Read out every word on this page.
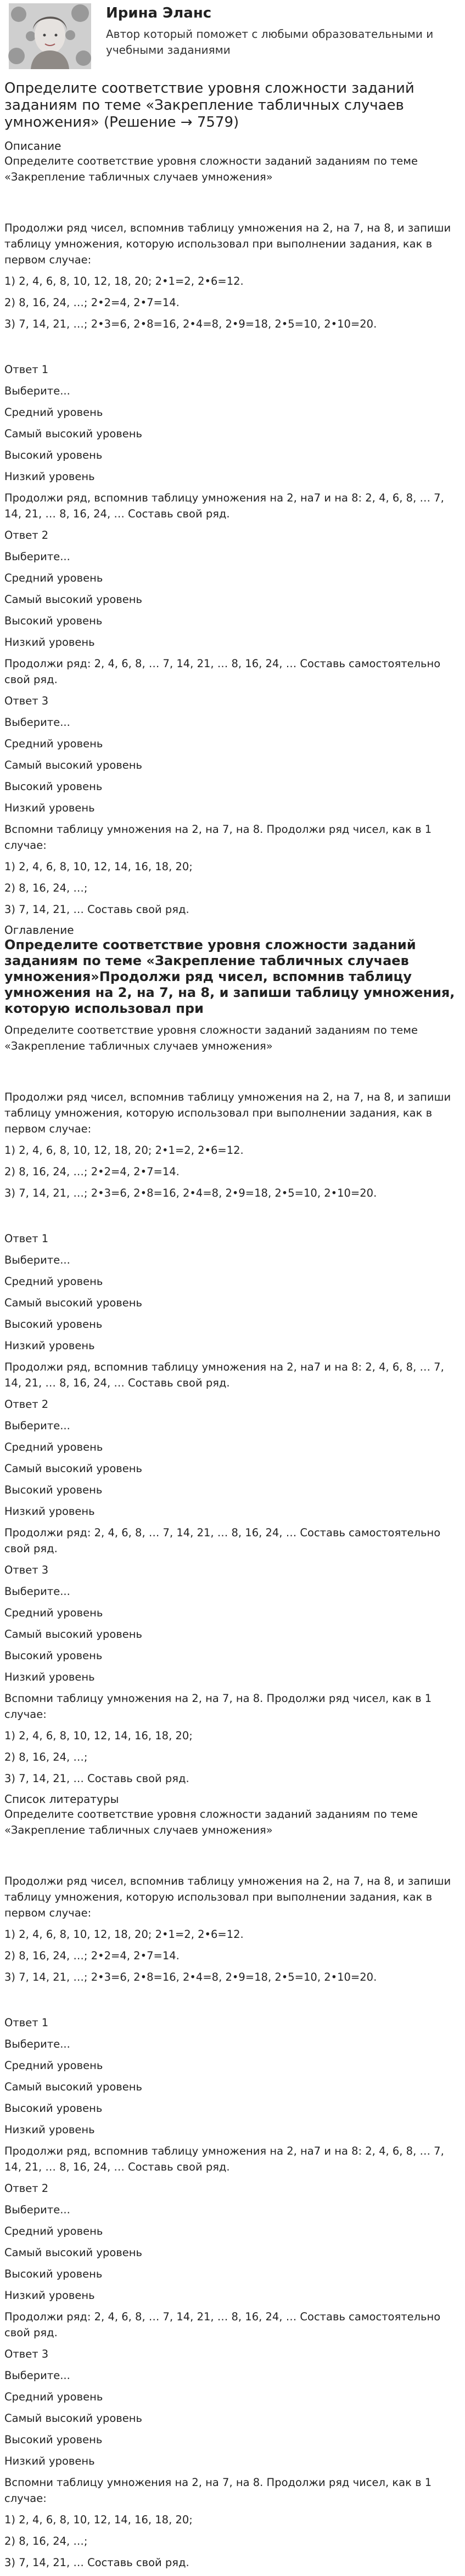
Ирина Эланс
Автор который поможет с любыми образовательными и учебными заданиями
Определите соответствие уровня сложности заданий заданиям по теме «Закрепление табличных случаев умножения» (Решение → 7579)
Описание
Определите соответствие уровня сложности заданий заданиям по теме «Закрепление табличных случаев умножения»
Продолжи ряд чисел, вспомнив таблицу умножения на 2, на 7, на 8, и запиши таблицу умножения, которую использовал при выполнении задания, как в первом случае:
1) 2, 4, 6, 8, 10, 12, 18, 20; 2•1=2, 2•6=12.
2) 8, 16, 24, …; 2•2=4, 2•7=14.
3) 7, 14, 21, …; 2•3=6, 2•8=16, 2•4=8, 2•9=18, 2•5=10, 2•10=20.
Ответ 1
Выберите...
Средний уровень
Самый высокий уровень
Высокий уровень
Низкий уровень
Продолжи ряд, вспомнив таблицу умножения на 2, на7 и на 8: 2, 4, 6, 8, … 7, 14, 21, … 8, 16, 24, … Составь свой ряд.
Ответ 2
Выберите...
Средний уровень
Самый высокий уровень
Высокий уровень
Низкий уровень
Продолжи ряд: 2, 4, 6, 8, … 7, 14, 21, … 8, 16, 24, … Составь самостоятельно свой ряд.
Ответ 3
Выберите...
Средний уровень
Самый высокий уровень
Высокий уровень
Низкий уровень
Вспомни таблицу умножения на 2, на 7, на 8. Продолжи ряд чисел, как в 1 случае:
1) 2, 4, 6, 8, 10, 12, 14, 16, 18, 20;
2) 8, 16, 24, …;
3) 7, 14, 21, … Составь свой ряд.
Оглавление
Определите соответствие уровня сложности заданий заданиям по теме «Закрепление табличных случаев умножения»Продолжи ряд чисел, вспомнив таблицу умножения на 2, на 7, на 8, и запиши таблицу умножения, которую использовал при
Определите соответствие уровня сложности заданий заданиям по теме «Закрепление табличных случаев умножения»
Продолжи ряд чисел, вспомнив таблицу умножения на 2, на 7, на 8, и запиши таблицу умножения, которую использовал при выполнении задания, как в первом случае:
1) 2, 4, 6, 8, 10, 12, 18, 20; 2•1=2, 2•6=12.
2) 8, 16, 24, …; 2•2=4, 2•7=14.
3) 7, 14, 21, …; 2•3=6, 2•8=16, 2•4=8, 2•9=18, 2•5=10, 2•10=20.
Ответ 1
Выберите...
Средний уровень
Самый высокий уровень
Высокий уровень
Низкий уровень
Продолжи ряд, вспомнив таблицу умножения на 2, на7 и на 8: 2, 4, 6, 8, … 7, 14, 21, … 8, 16, 24, … Составь свой ряд.
Ответ 2
Выберите...
Средний уровень
Самый высокий уровень
Высокий уровень
Низкий уровень
Продолжи ряд: 2, 4, 6, 8, … 7, 14, 21, … 8, 16, 24, … Составь самостоятельно свой ряд.
Ответ 3
Выберите...
Средний уровень
Самый высокий уровень
Высокий уровень
Низкий уровень
Вспомни таблицу умножения на 2, на 7, на 8. Продолжи ряд чисел, как в 1 случае:
1) 2, 4, 6, 8, 10, 12, 14, 16, 18, 20;
2) 8, 16, 24, …;
3) 7, 14, 21, … Составь свой ряд.
Список литературы
Определите соответствие уровня сложности заданий заданиям по теме «Закрепление табличных случаев умножения»
Продолжи ряд чисел, вспомнив таблицу умножения на 2, на 7, на 8, и запиши таблицу умножения, которую использовал при выполнении задания, как в первом случае:
1) 2, 4, 6, 8, 10, 12, 18, 20; 2•1=2, 2•6=12.
2) 8, 16, 24, …; 2•2=4, 2•7=14.
3) 7, 14, 21, …; 2•3=6, 2•8=16, 2•4=8, 2•9=18, 2•5=10, 2•10=20.
Ответ 1
Выберите...
Средний уровень
Самый высокий уровень
Высокий уровень
Низкий уровень
Продолжи ряд, вспомнив таблицу умножения на 2, на7 и на 8: 2, 4, 6, 8, … 7, 14, 21, … 8, 16, 24, … Составь свой ряд.
Ответ 2
Выберите...
Средний уровень
Самый высокий уровень
Высокий уровень
Низкий уровень
Продолжи ряд: 2, 4, 6, 8, … 7, 14, 21, … 8, 16, 24, … Составь самостоятельно свой ряд.
Ответ 3
Выберите...
Средний уровень
Самый высокий уровень
Высокий уровень
Низкий уровень
Вспомни таблицу умножения на 2, на 7, на 8. Продолжи ряд чисел, как в 1 случае:
1) 2, 4, 6, 8, 10, 12, 14, 16, 18, 20;
2) 8, 16, 24, …;
3) 7, 14, 21, … Составь свой ряд.
